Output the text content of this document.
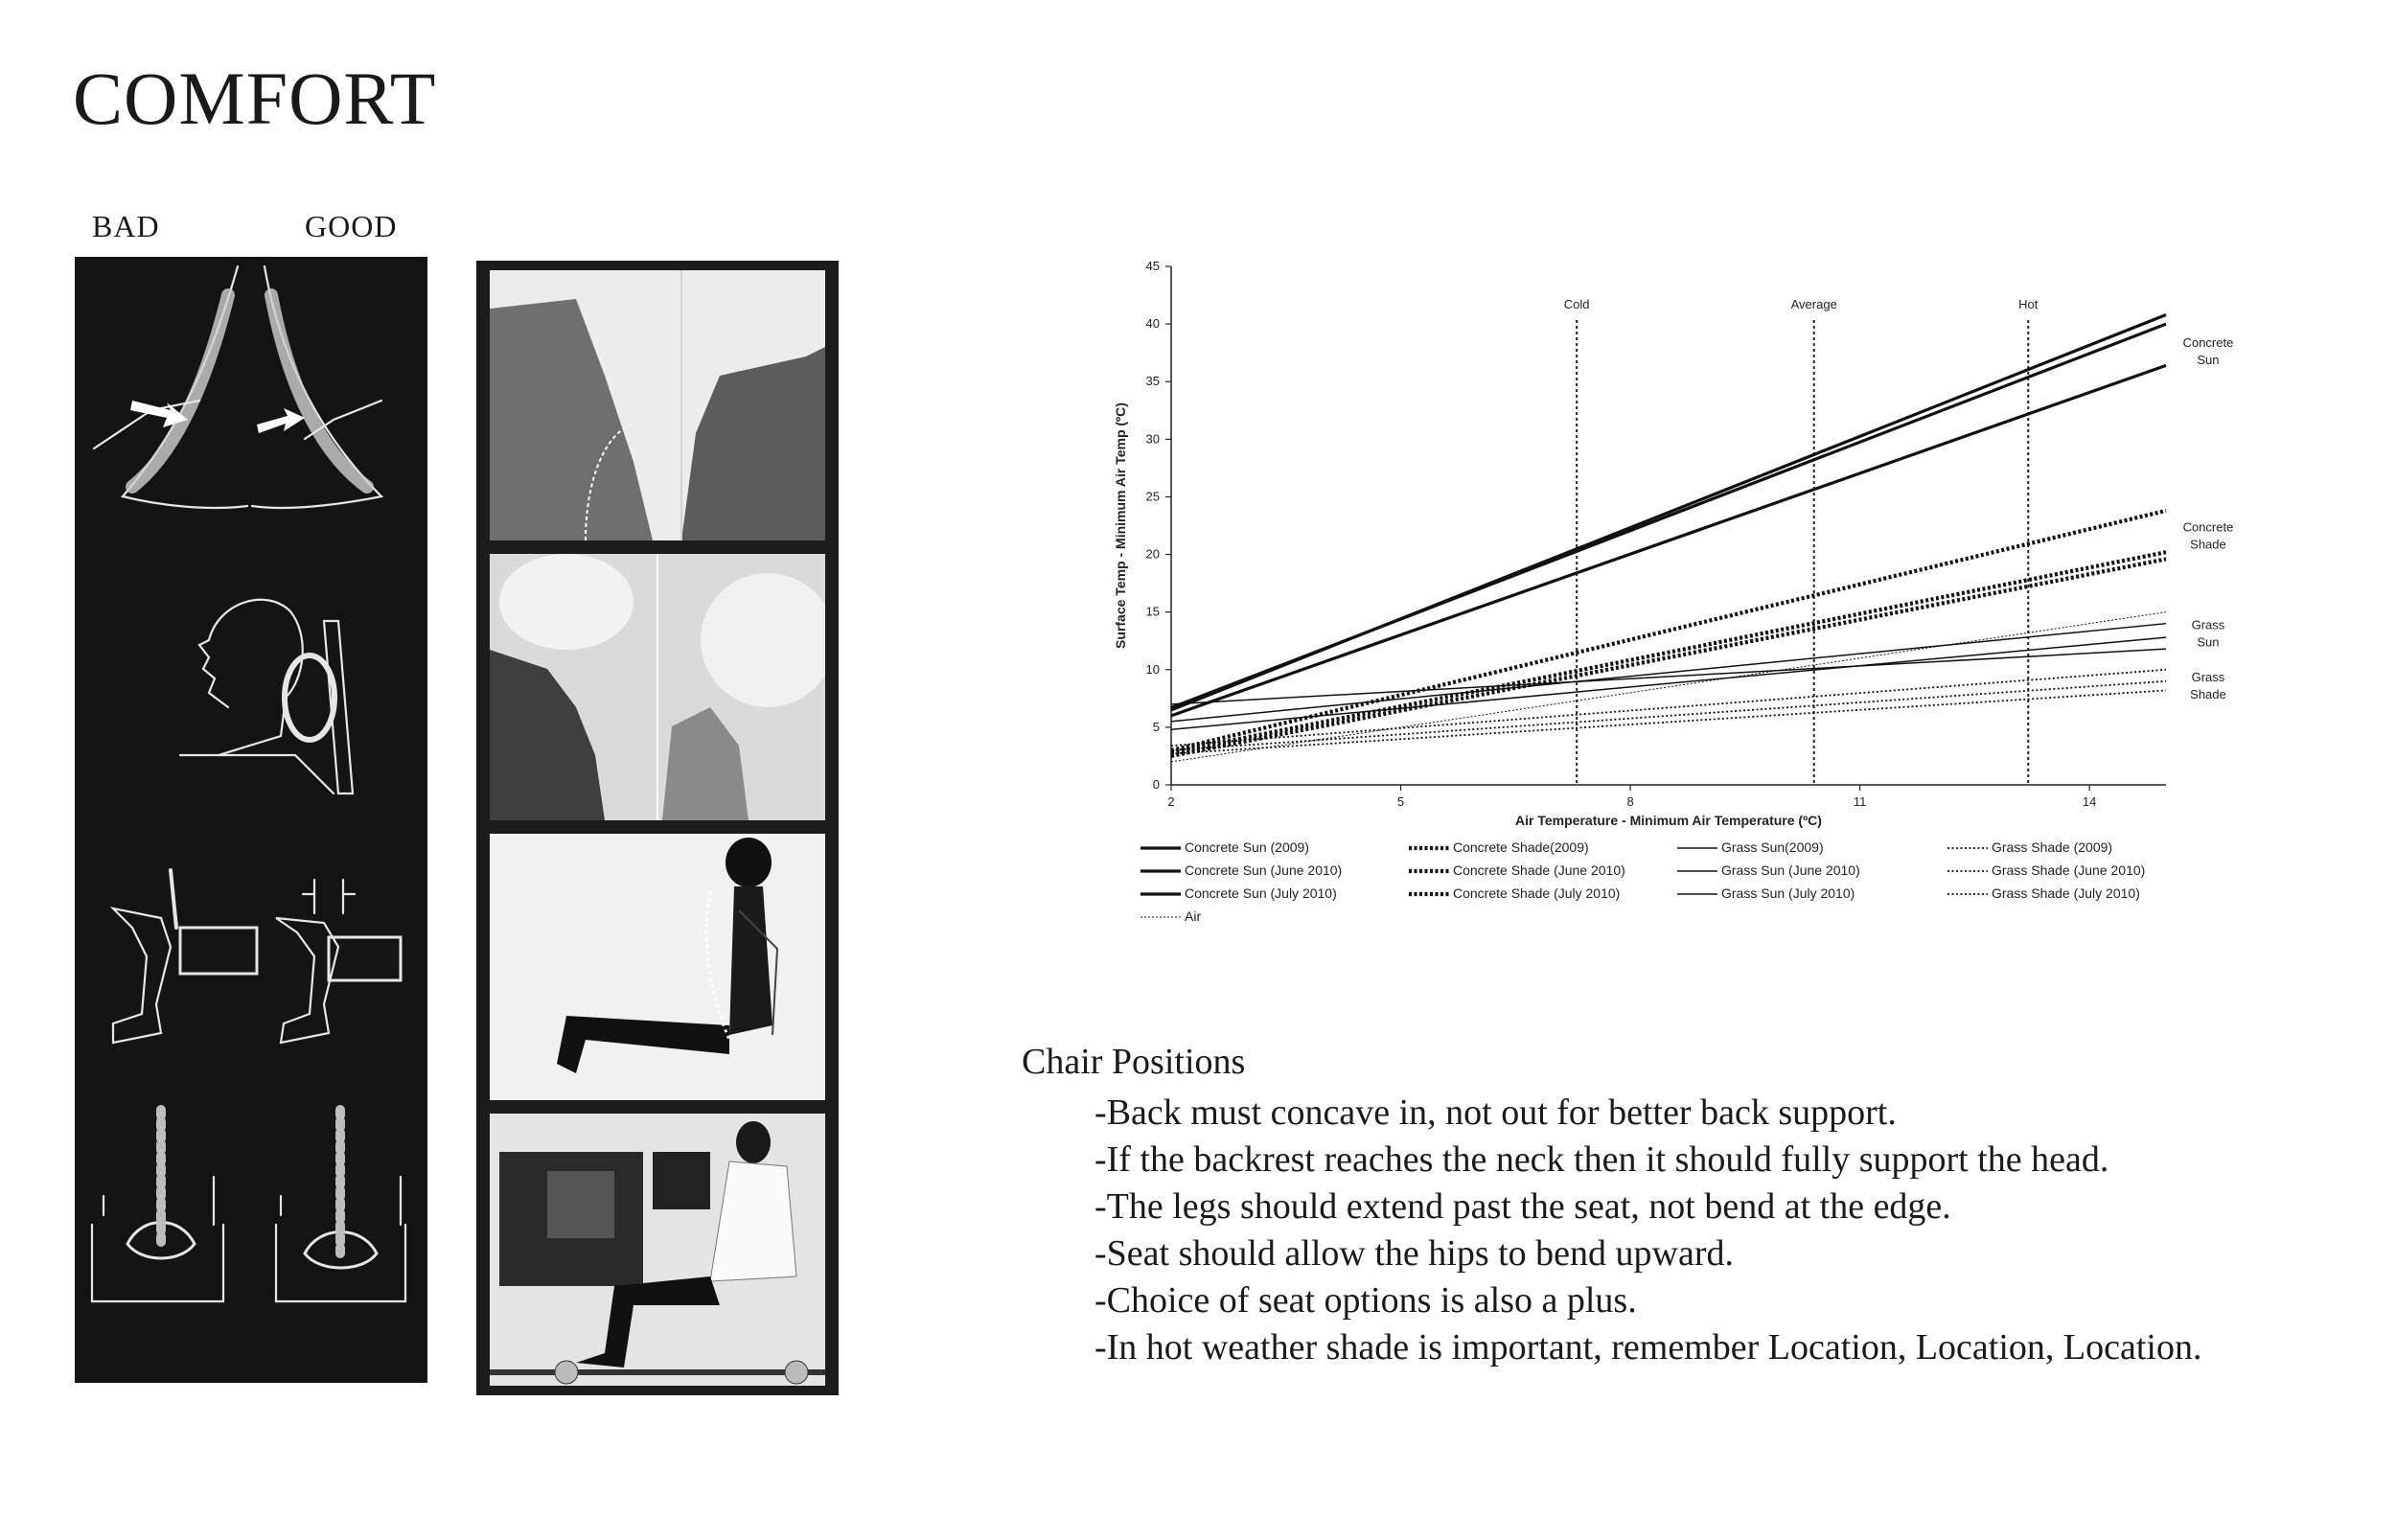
COMFORT
BAD	GOOD
0
5
10
15
20
25
30
35
40
45
2	5	8	11	14
Surface Temp - Minimum Air Temp (ºC)
Air Temperature - Minimum Air Temperature (ºC)
Cold	Average	Hot
Concrete
Sun
Concrete
Shade
Grass
Sun
Grass
Shade
Concrete Sun (2009)
Concrete Sun (June 2010)
Concrete Sun (July 2010)
Air
Concrete Shade(2009)
Concrete Shade (June 2010)
Concrete Shade (July 2010)
Grass Sun(2009)
Grass Sun (June 2010)
Grass Sun (July 2010)
Grass Shade (2009)
Grass Shade (June 2010)
Grass Shade (July 2010)
Chair Positions
-Back must concave in, not out for better back support.
-If the backrest reaches the neck then it should fully support the head.
-The legs should extend past the seat, not bend at the edge.
-Seat should allow the hips to bend upward.
-Choice of seat options is also a plus.
-In hot weather shade is important, remember Location, Location, Location.
